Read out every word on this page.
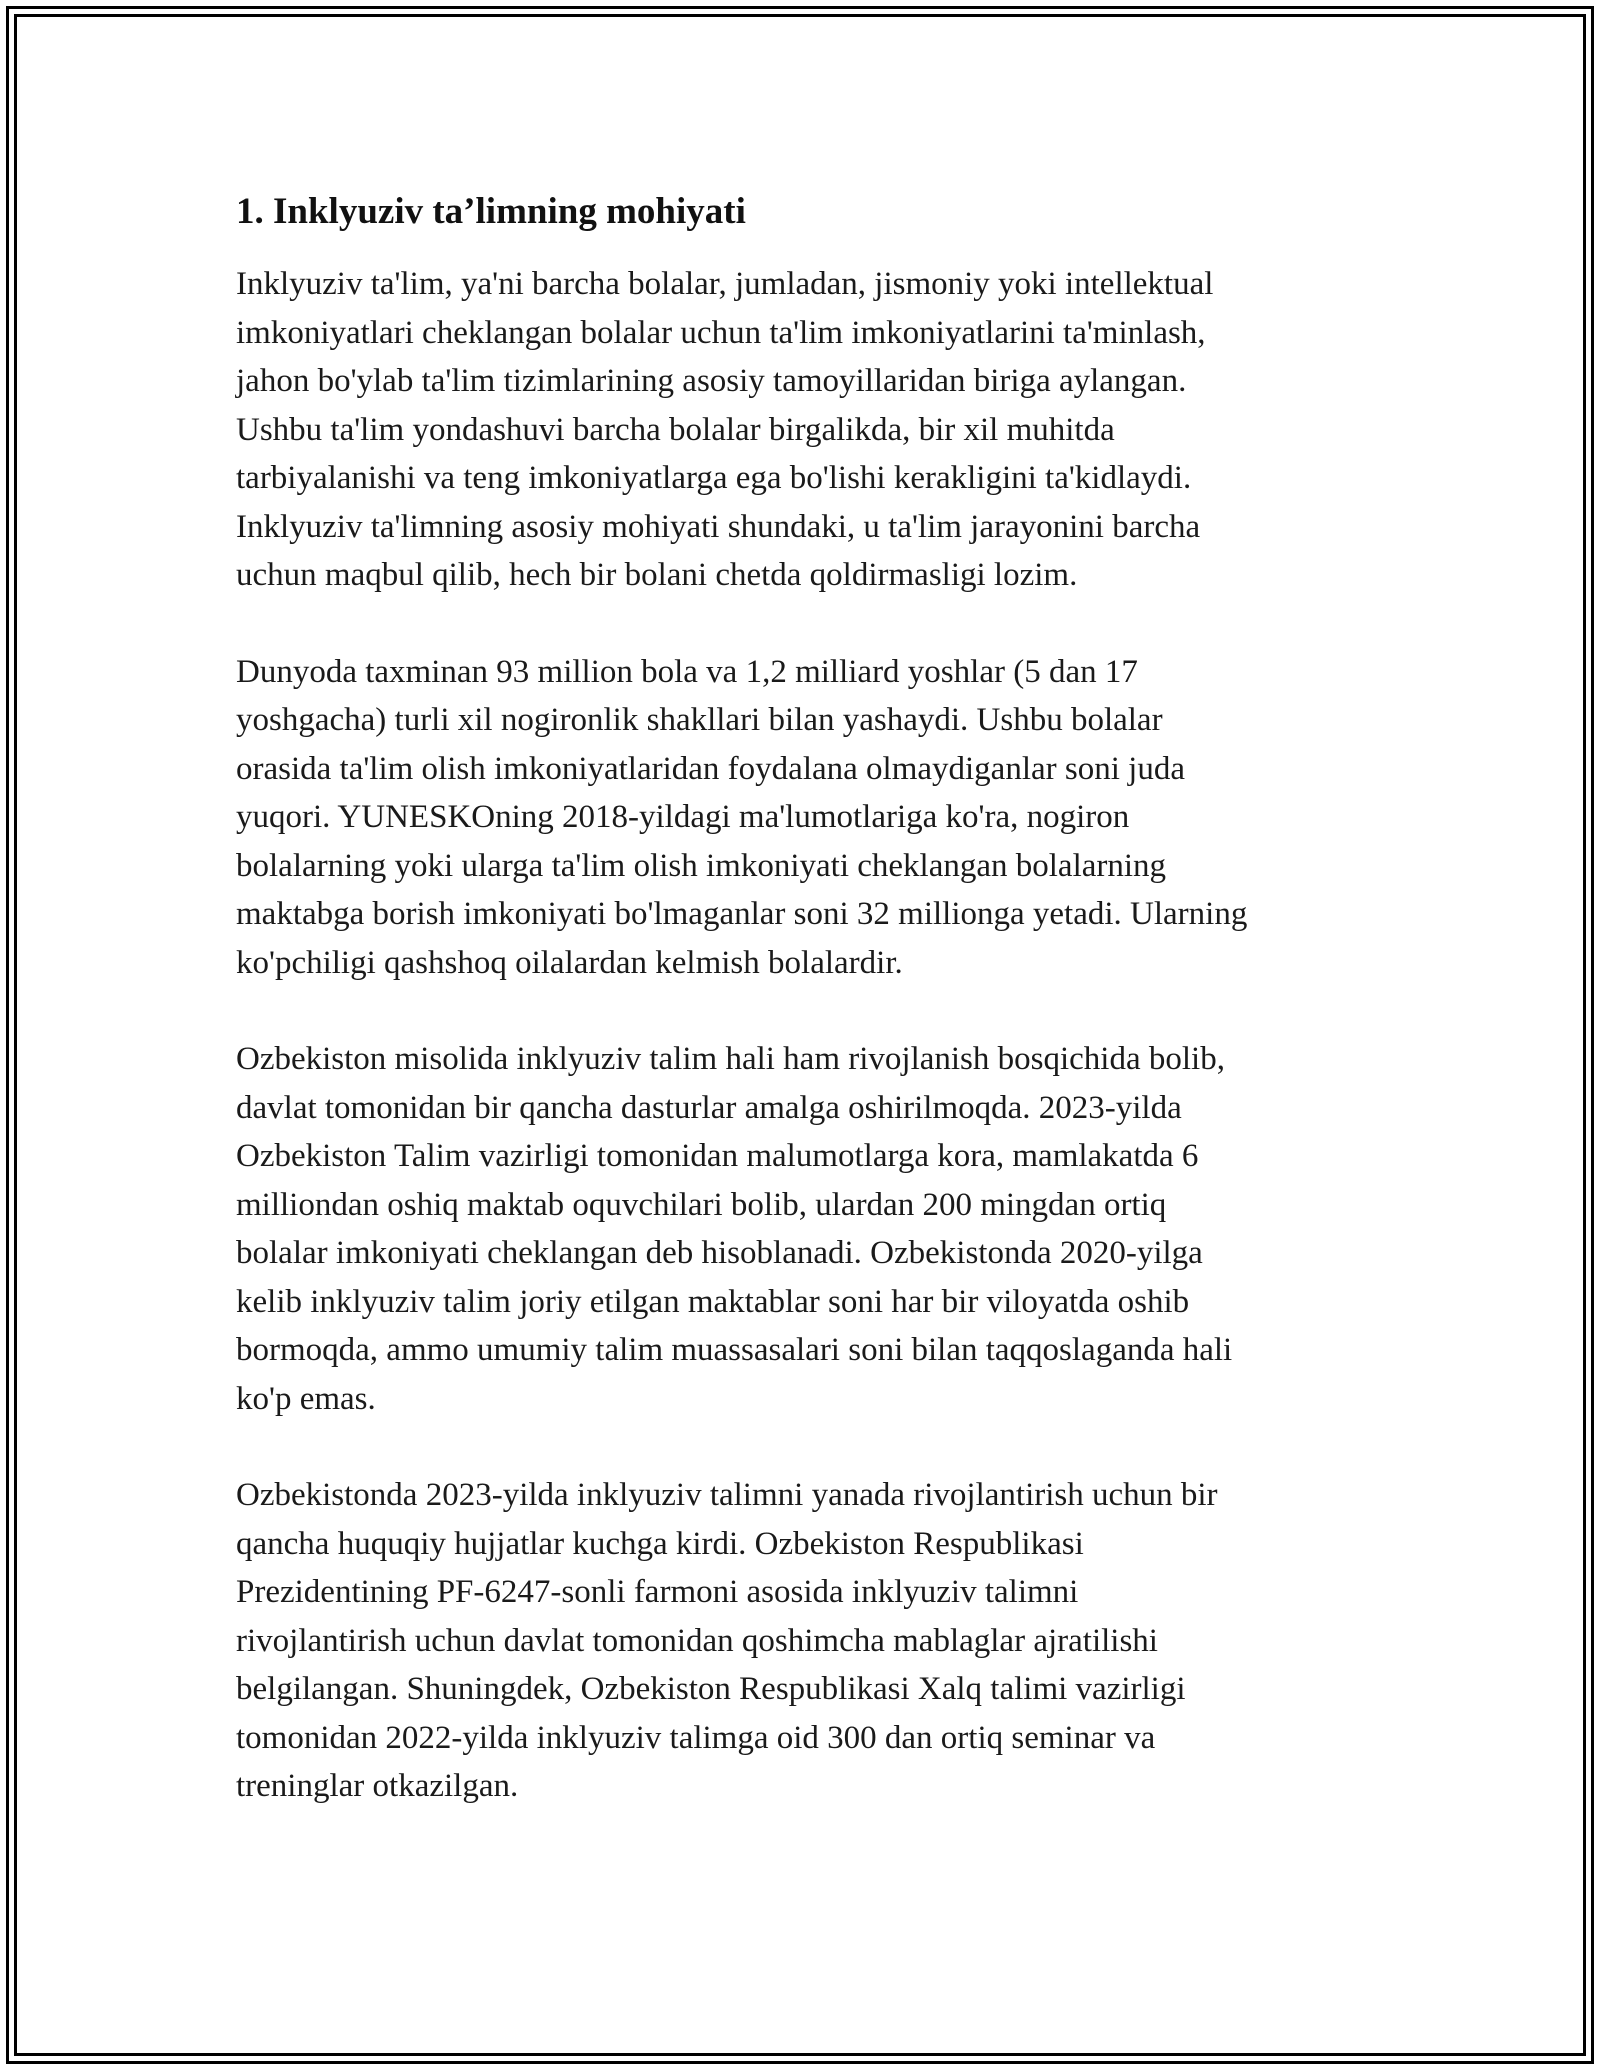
1. Inklyuziv ta’limning mohiyati

Inklyuziv ta'lim, ya'ni barcha bolalar, jumladan, jismoniy yoki intellektual
imkoniyatlari cheklangan bolalar uchun ta'lim imkoniyatlarini ta'minlash,
jahon bo'ylab ta'lim tizimlarining asosiy tamoyillaridan biriga aylangan.
Ushbu ta'lim yondashuvi barcha bolalar birgalikda, bir xil muhitda
tarbiyalanishi va teng imkoniyatlarga ega bo'lishi kerakligini ta'kidlaydi.
Inklyuziv ta'limning asosiy mohiyati shundaki, u ta'lim jarayonini barcha
uchun maqbul qilib, hech bir bolani chetda qoldirmasligi lozim.

Dunyoda taxminan 93 million bola va 1,2 milliard yoshlar (5 dan 17
yoshgacha) turli xil nogironlik shakllari bilan yashaydi. Ushbu bolalar
orasida ta'lim olish imkoniyatlaridan foydalana olmaydiganlar soni juda
yuqori. YUNESKOning 2018-yildagi ma'lumotlariga ko'ra, nogiron
bolalarning yoki ularga ta'lim olish imkoniyati cheklangan bolalarning
maktabga borish imkoniyati bo'lmaganlar soni 32 millionga yetadi. Ularning
ko'pchiligi qashshoq oilalardan kelmish bolalardir.

Ozbekiston misolida inklyuziv talim hali ham rivojlanish bosqichida bolib,
davlat tomonidan bir qancha dasturlar amalga oshirilmoqda. 2023-yilda
Ozbekiston Talim vazirligi tomonidan malumotlarga kora, mamlakatda 6
milliondan oshiq maktab oquvchilari bolib, ulardan 200 mingdan ortiq
bolalar imkoniyati cheklangan deb hisoblanadi. Ozbekistonda 2020-yilga
kelib inklyuziv talim joriy etilgan maktablar soni har bir viloyatda oshib
bormoqda, ammo umumiy talim muassasalari soni bilan taqqoslaganda hali
ko'p emas.

Ozbekistonda 2023-yilda inklyuziv talimni yanada rivojlantirish uchun bir
qancha huquqiy hujjatlar kuchga kirdi. Ozbekiston Respublikasi
Prezidentining PF-6247-sonli farmoni asosida inklyuziv talimni
rivojlantirish uchun davlat tomonidan qoshimcha mablaglar ajratilishi
belgilangan. Shuningdek, Ozbekiston Respublikasi Xalq talimi vazirligi
tomonidan 2022-yilda inklyuziv talimga oid 300 dan ortiq seminar va
treninglar otkazilgan.
